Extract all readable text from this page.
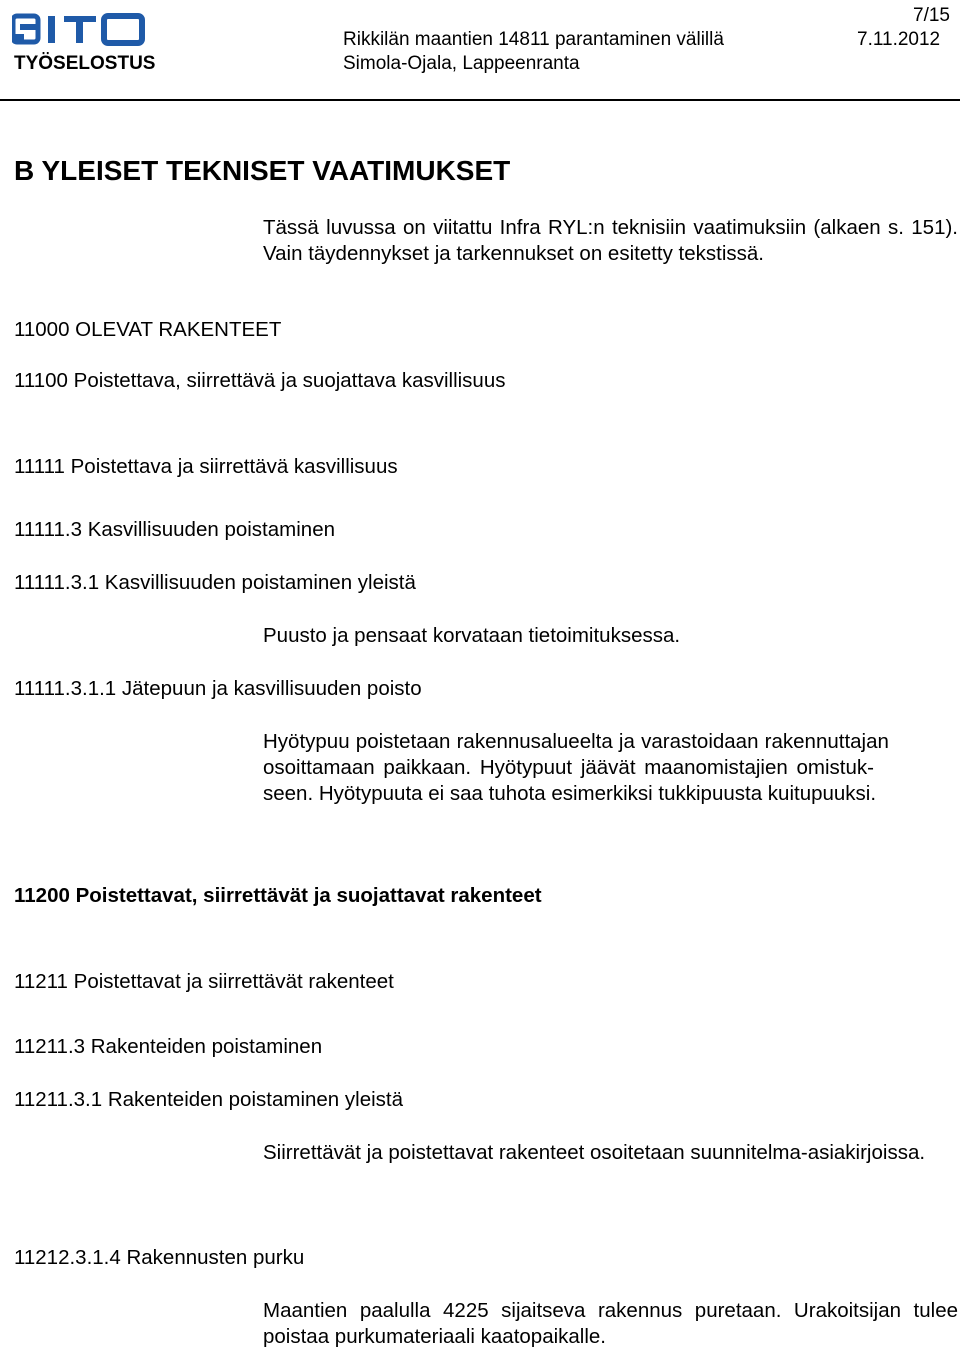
TYÖSELOSTUS
Rikkilän maantien 14811 parantaminen välillä
Simola-Ojala, Lappeenranta
7/15
7.11.2012
B YLEISET TEKNISET VAATIMUKSET
Tässä luvussa on viitattu Infra RYL:n teknisiin vaatimuksiin (alkaen s. 151). Vain täydennykset ja tarkennukset on esitetty tekstissä.
11000 OLEVAT RAKENTEET
11100 Poistettava, siirrettävä ja suojattava kasvillisuus
11111 Poistettava ja siirrettävä kasvillisuus
11111.3 Kasvillisuuden poistaminen
11111.3.1 Kasvillisuuden poistaminen yleistä
Puusto ja pensaat korvataan tietoimituksessa.
11111.3.1.1 Jätepuun ja kasvillisuuden poisto
Hyötypuu poistetaan rakennusalueelta ja varastoidaan rakennuttajan
osoittamaan paikkaan. Hyötypuut jäävät maanomistajien omistuk-
seen. Hyötypuuta ei saa tuhota esimerkiksi tukkipuusta kuitupuuksi.
11200 Poistettavat, siirrettävät ja suojattavat rakenteet
11211 Poistettavat ja siirrettävät rakenteet
11211.3 Rakenteiden poistaminen
11211.3.1 Rakenteiden poistaminen yleistä
Siirrettävät ja poistettavat rakenteet osoitetaan suunnitelma-asiakirjoissa.
11212.3.1.4 Rakennusten purku
Maantien paalulla 4225 sijaitseva rakennus puretaan. Urakoitsijan tulee poistaa purkumateriaali kaatopaikalle.
